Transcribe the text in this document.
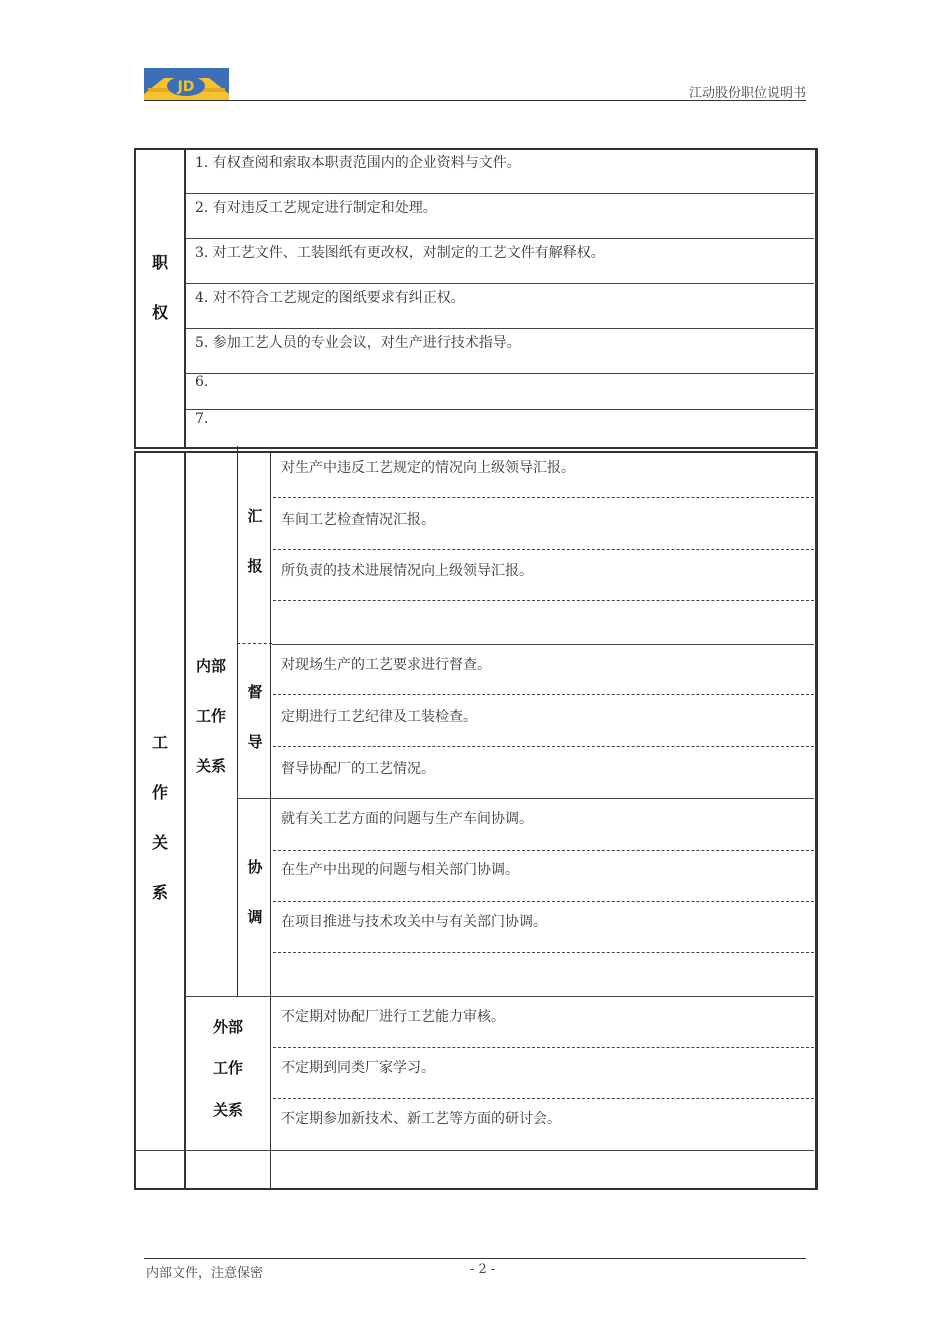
JD	江动股份职位说明书
职
权
1. 有权查阅和索取本职责范围内的企业资料与文件。
2. 有对违反工艺规定进行制定和处理。
3. 对工艺文件、工装图纸有更改权，对制定的工艺文件有解释权。
4. 对不符合工艺规定的图纸要求有纠正权。
5. 参加工艺人员的专业会议，对生产进行技术指导。
6.
7.
工
作
关
系
内部
工作
关系
汇
报
对生产中违反工艺规定的情况向上级领导汇报。
车间工艺检查情况汇报。
所负责的技术进展情况向上级领导汇报。
督
导
对现场生产的工艺要求进行督查。
定期进行工艺纪律及工装检查。
督导协配厂的工艺情况。
协
调
就有关工艺方面的问题与生产车间协调。
在生产中出现的问题与相关部门协调。
在项目推进与技术攻关中与有关部门协调。
外部
工作
关系
不定期对协配厂进行工艺能力审核。
不定期到同类厂家学习。
不定期参加新技术、新工艺等方面的研讨会。
内部文件，注意保密	- 2 -
